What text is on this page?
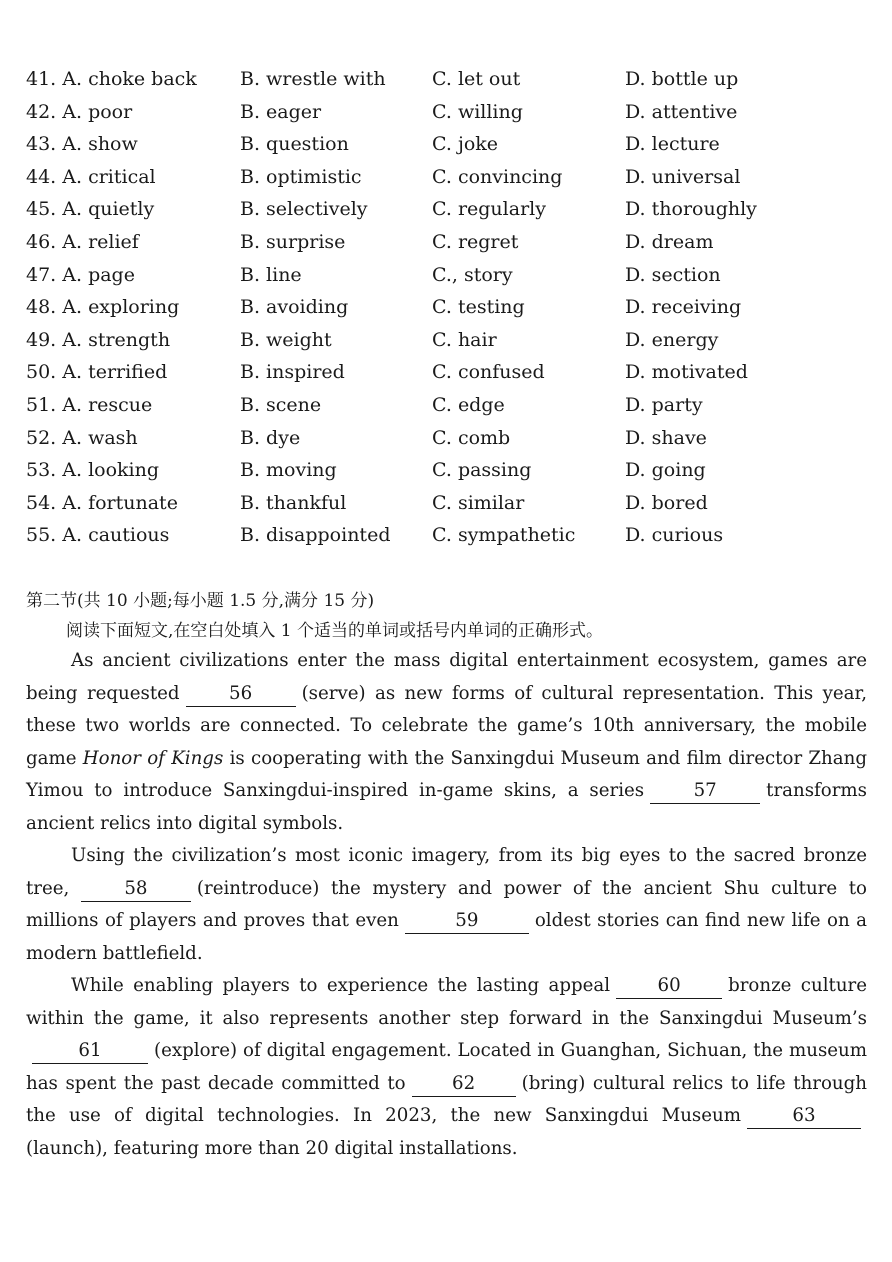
41. A. choke back B. wrestle with C. let out	D. bottle up
42. A. poor	B. eager	C. willing	D. attentive
43. A. show	B. question	C. joke	D. lecture
44. A. critical	B. optimistic	C. convincing	D. universal
45. A. quietly	B. selectively	C. regularly	D. thoroughly
46. A. relief	B. surprise	C. regret	D. dream
47. A. page	B. line	C., story	D. section
48. A. exploring	B. avoiding	C. testing	D. receiving
49. A. strength	B. weight	C. hair	D. energy
50. A. terrified	B. inspired	C. confused	D. motivated
51. A. rescue	B. scene	C. edge	D. party
52. A. wash	B. dye	C. comb	D. shave
53. A. looking	B. moving	C. passing	D. going
54. A. fortunate	B. thankful	C. similar	D. bored
55. A. cautious	B. disappointed C. sympathetic	D. curious
第二节(共 10 小题;每小题 1.5 分,满分 15 分)
阅读下面短文,在空白处填入 1 个适当的单词或括号内单词的正确形式。

As ancient civilizations enter the mass digital entertainment ecosystem, games are being requested	56	(serve) as new forms of cultural representation. This year, these two worlds are connected. To celebrate the game’s 10th anniversary, the mobile game Honor of Kings is cooperating with the Sanxingdui Museum and film director Zhang Yimou to introduce Sanxingdui-inspired in-game skins, a series	57	transforms ancient relics into digital symbols.

Using the civilization’s most iconic imagery, from its big eyes to the sacred bronze tree,	58	(reintroduce) the mystery and power of the ancient Shu culture to millions of players and proves that even	59	oldest stories can find new life on a modern battlefield.

While enabling players to experience the lasting appeal	60	bronze culture within the game, it also represents another step forward in the Sanxingdui Museum’s61	(explore) of digital engagement. Located in Guanghan, Sichuan, the museum has spent the past decade committed to	62	(bring) cultural relics to life through the use of digital technologies. In 2023, the new Sanxingdui Museum	63(launch), featuring more than 20 digital installations.
